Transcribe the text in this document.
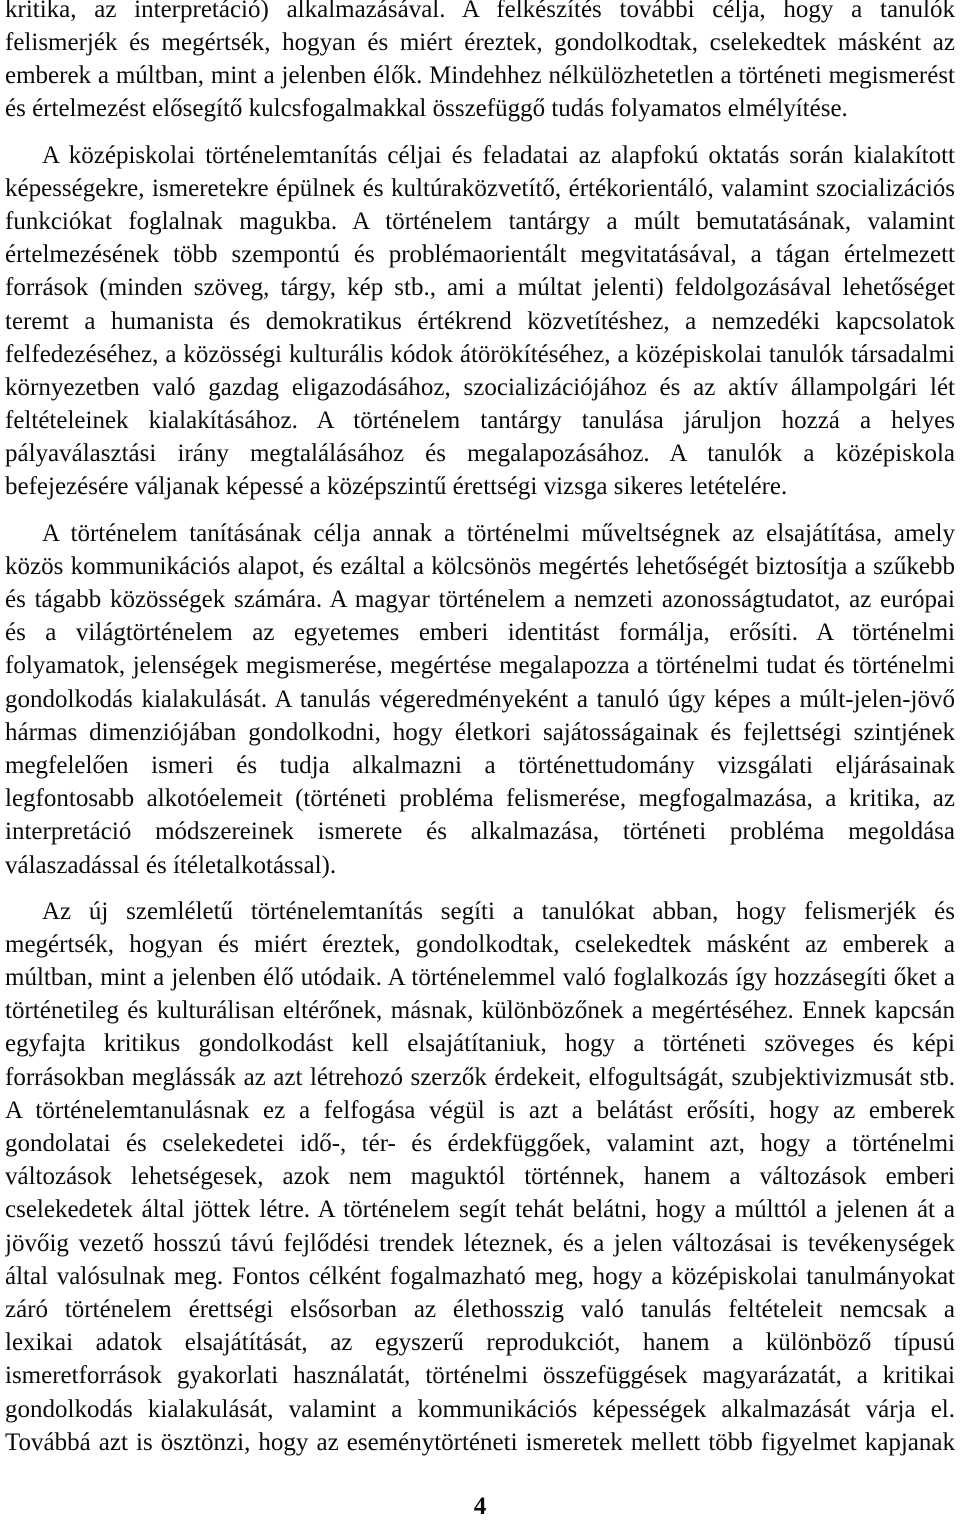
kritika, az interpretáció) alkalmazásával. A felkészítés további célja, hogy a tanulók
felismerjék és megértsék, hogyan és miért éreztek, gondolkodtak, cselekedtek másként az
emberek a múltban, mint a jelenben élők. Mindehhez nélkülözhetetlen a történeti megismerést
és értelmezést elősegítő kulcsfogalmakkal összefüggő tudás folyamatos elmélyítése.
A középiskolai történelemtanítás céljai és feladatai az alapfokú oktatás során kialakított
képességekre, ismeretekre épülnek és kultúraközvetítő, értékorientáló, valamint szocializációs
funkciókat foglalnak magukba. A történelem tantárgy a múlt bemutatásának, valamint
értelmezésének több szempontú és problémaorientált megvitatásával, a tágan értelmezett
források (minden szöveg, tárgy, kép stb., ami a múltat jelenti) feldolgozásával lehetőséget
teremt a humanista és demokratikus értékrend közvetítéshez, a nemzedéki kapcsolatok
felfedezéséhez, a közösségi kulturális kódok átörökítéséhez, a középiskolai tanulók társadalmi
környezetben való gazdag eligazodásához, szocializációjához és az aktív állampolgári lét
feltételeinek kialakításához. A történelem tantárgy tanulása járuljon hozzá a helyes
pályaválasztási irány megtalálásához és megalapozásához. A tanulók a középiskola
befejezésére váljanak képessé a középszintű érettségi vizsga sikeres letételére.
A történelem tanításának célja annak a történelmi műveltségnek az elsajátítása, amely
közös kommunikációs alapot, és ezáltal a kölcsönös megértés lehetőségét biztosítja a szűkebb
és tágabb közösségek számára. A magyar történelem a nemzeti azonosságtudatot, az európai
és a világtörténelem az egyetemes emberi identitást formálja, erősíti. A történelmi
folyamatok, jelenségek megismerése, megértése megalapozza a történelmi tudat és történelmi
gondolkodás kialakulását. A tanulás végeredményeként a tanuló úgy képes a múlt-jelen-jövő
hármas dimenziójában gondolkodni, hogy életkori sajátosságainak és fejlettségi szintjének
megfelelően ismeri és tudja alkalmazni a történettudomány vizsgálati eljárásainak
legfontosabb alkotóelemeit (történeti probléma felismerése, megfogalmazása, a kritika, az
interpretáció módszereinek ismerete és alkalmazása, történeti probléma megoldása
válaszadással és ítéletalkotással).
Az új szemléletű történelemtanítás segíti a tanulókat abban, hogy felismerjék és
megértsék, hogyan és miért éreztek, gondolkodtak, cselekedtek másként az emberek a
múltban, mint a jelenben élő utódaik. A történelemmel való foglalkozás így hozzásegíti őket a
történetileg és kulturálisan eltérőnek, másnak, különbözőnek a megértéséhez. Ennek kapcsán
egyfajta kritikus gondolkodást kell elsajátítaniuk, hogy a történeti szöveges és képi
forrásokban meglássák az azt létrehozó szerzők érdekeit, elfogultságát, szubjektivizmusát stb.
A történelemtanulásnak ez a felfogása végül is azt a belátást erősíti, hogy az emberek
gondolatai és cselekedetei idő-, tér- és érdekfüggőek, valamint azt, hogy a történelmi
változások lehetségesek, azok nem maguktól történnek, hanem a változások emberi
cselekedetek által jöttek létre. A történelem segít tehát belátni, hogy a múlttól a jelenen át a
jövőig vezető hosszú távú fejlődési trendek léteznek, és a jelen változásai is tevékenységek
által valósulnak meg. Fontos célként fogalmazható meg, hogy a középiskolai tanulmányokat
záró történelem érettségi elsősorban az élethosszig való tanulás feltételeit nemcsak a
lexikai adatok elsajátítását, az egyszerű reprodukciót, hanem a különböző típusú
ismeretforrások gyakorlati használatát, történelmi összefüggések magyarázatát, a kritikai
gondolkodás kialakulását, valamint a kommunikációs képességek alkalmazását várja el.
Továbbá azt is ösztönzi, hogy az eseménytörténeti ismeretek mellett több figyelmet kapjanak
4
